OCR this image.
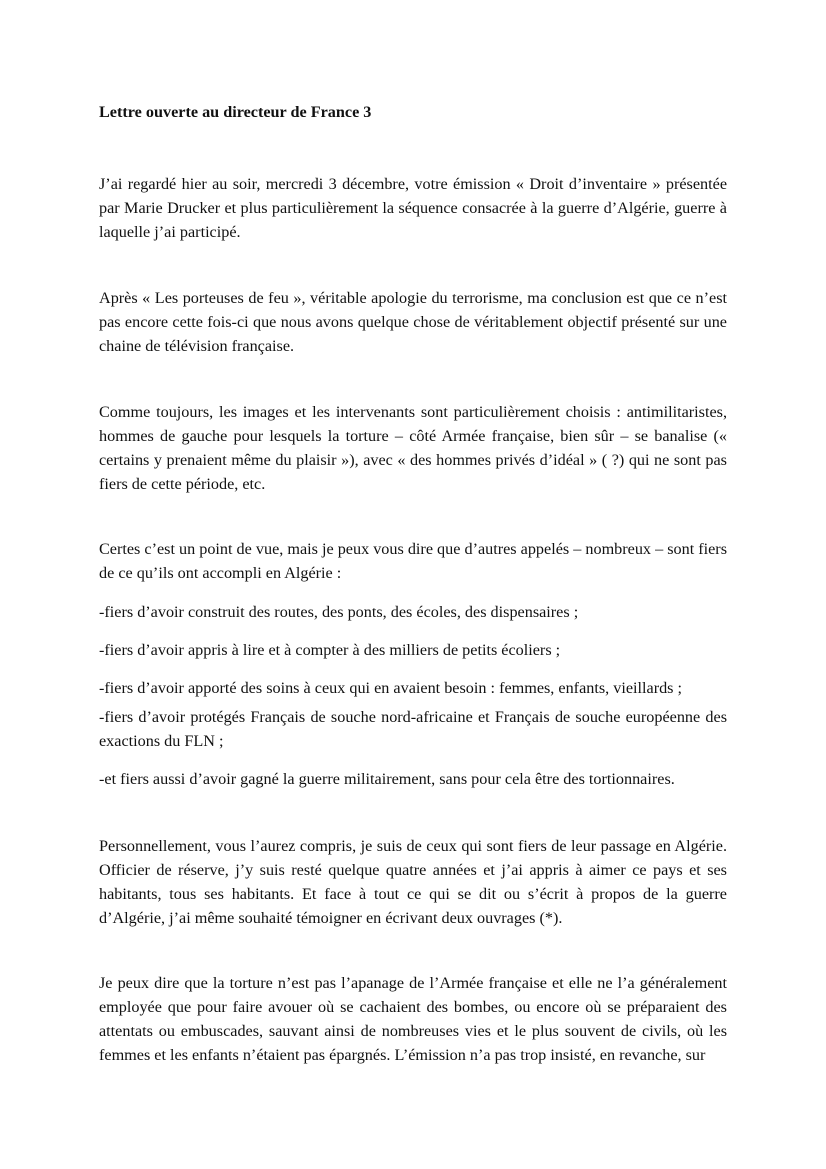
Lettre ouverte au directeur de France 3

J’ai regardé hier au soir, mercredi 3 décembre, votre émission « Droit d’inventaire » présentée par Marie Drucker et plus particulièrement la séquence consacrée à la guerre d’Algérie, guerre à laquelle j’ai participé.

Après « Les porteuses de feu », véritable apologie du terrorisme, ma conclusion est que ce n’est pas encore cette fois-ci que nous avons quelque chose de véritablement objectif présenté sur une chaine de télévision française.

Comme toujours, les images et les intervenants sont particulièrement choisis : antimilitaristes, hommes de gauche pour lesquels la torture – côté Armée française, bien sûr – se banalise (« certains y prenaient même du plaisir »), avec « des hommes privés d’idéal » ( ?) qui ne sont pas fiers de cette période, etc.

Certes c’est un point de vue, mais je peux vous dire que d’autres appelés – nombreux – sont fiers de ce qu’ils ont accompli en Algérie :

-fiers d’avoir construit des routes, des ponts, des écoles, des dispensaires ;

-fiers d’avoir appris à lire et à compter à des milliers de petits écoliers ;

-fiers d’avoir apporté des soins à ceux qui en avaient besoin : femmes, enfants, vieillards ;

-fiers d’avoir protégés Français de souche nord-africaine et Français de souche européenne des exactions du FLN ;

-et fiers aussi d’avoir gagné la guerre militairement, sans pour cela être des tortionnaires.

Personnellement, vous l’aurez compris, je suis de ceux qui sont fiers de leur passage en Algérie. Officier de réserve, j’y suis resté quelque quatre années et j’ai appris à aimer ce pays et ses habitants, tous ses habitants. Et face à tout ce qui se dit ou s’écrit à propos de la guerre d’Algérie, j’ai même souhaité témoigner en écrivant deux ouvrages (*).

Je peux dire que la torture n’est pas l’apanage de l’Armée française et elle ne l’a généralement employée que pour faire avouer où se cachaient des bombes, ou encore où se préparaient des attentats ou embuscades, sauvant ainsi de nombreuses vies et le plus souvent de civils, où les femmes et les enfants n’étaient pas épargnés. L’émission n’a pas trop insisté, en revanche, sur
